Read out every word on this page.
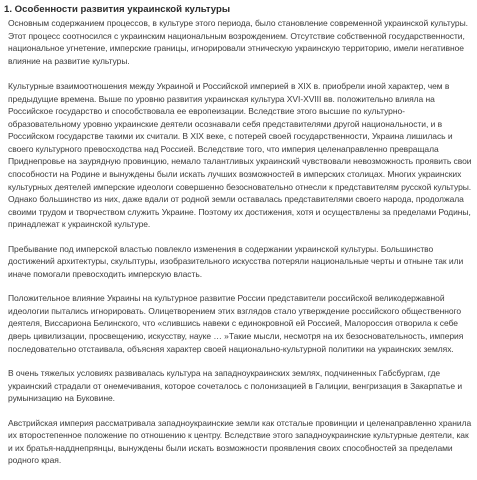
1. Особенности развития украинской культуры

Основным содержанием процессов, в культуре этого периода, было становление современной украинской культуры. Этот процесс соотносился с украинским национальным возрождением. Отсутствие собственной государственности, национальное угнетение, имперские границы, игнорировали этническую украинскую территорию, имели негативное влияние на развитие культуры.

Культурные взаимоотношения между Украиной и Российской империей в XIX в. приобрели иной характер, чем в предыдущие времена. Выше по уровню развития украинская культура XVI-XVIII вв. положительно влияла на Российское государство и способствовала ее европеизации. Вследствие этого высшие по культурно-образовательному уровню украинские деятели осознавали себя представителями другой национальности, и в Российском государстве такими их считали. В XIX веке, с потерей своей государственности, Украина лишилась и своего культурного превосходства над Россией. Вследствие того, что империя целенаправленно превращала Приднепровье на заурядную провинцию, немало талантливых украинский чувствовали невозможность проявить свои способности на Родине и вынуждены были искать лучших возможностей в имперских столицах. Многих украинских культурных деятелей имперские идеологи совершенно безосновательно отнесли к представителям русской культуры. Однако большинство из них, даже вдали от родной земли оставалась представителями своего народа, продолжала своими трудом и творчеством служить Украине. Поэтому их достижения, хотя и осуществлены за пределами Родины, принадлежат к украинской культуре.

Пребывание под имперской властью повлекло изменения в содержании украинской культуры. Большинство достижений архитектуры, скульптуры, изобразительного искусства потеряли национальные черты и отныне так или иначе помогали превосходить имперскую власть.

Положительное влияние Украины на культурное развитие России представители российской великодержавной идеологии пытались игнорировать. Олицетворением этих взглядов стало утверждение российского общественного деятеля, Виссариона Белинского, что «слившись навеки с единокровной ей Россией, Малороссия отворила к себе дверь цивилизации, просвещению, искусству, науке … »Такие мысли, несмотря на их безосновательность, империя последовательно отстаивала, объясняя характер своей национально-культурной политики на украинских землях.

В очень тяжелых условиях развивалась культура на западноукраинских землях, подчиненных Габсбургам, где украинский страдали от онемечивания, которое сочеталось с полонизацией в Галиции, венгризация в Закарпатье и румынизацию на Буковине.

Австрийская империя рассматривала западноукраинские земли как отсталые провинции и целенаправленно хранила их второстепенное положение по отношению к центру. Вследствие этого западноукраинские культурные деятели, как и их братья-надднепрянцы, вынуждены были искать возможности проявления своих способностей за пределами родного края.
